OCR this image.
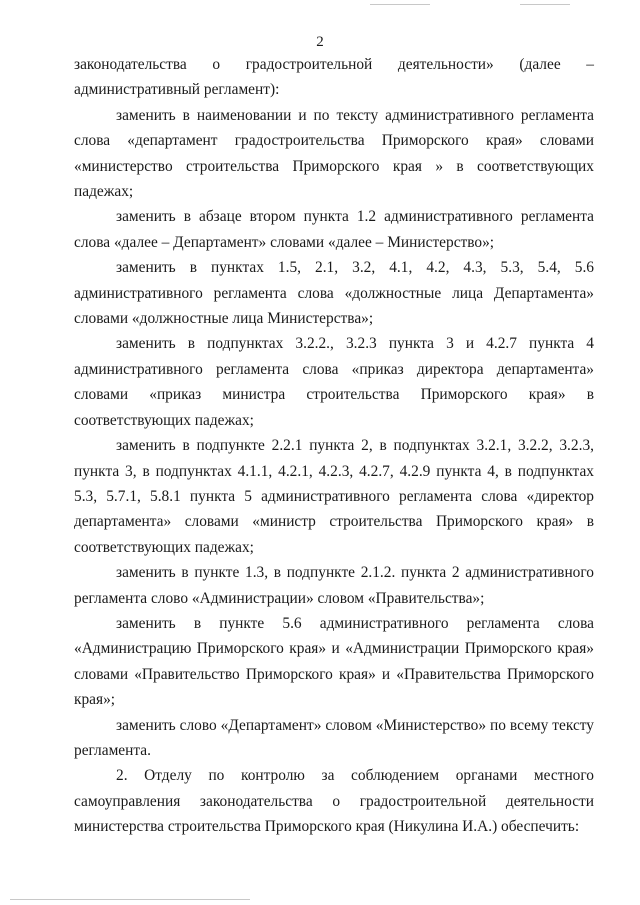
2

законодательства о градостроительной деятельности» (далее – административный регламент):

заменить в наименовании и по тексту административного регламента слова «департамент градостроительства Приморского края» словами «министерство строительства Приморского края » в соответствующих падежах;

заменить в абзаце втором пункта 1.2 административного регламента слова «далее – Департамент» словами «далее – Министерство»;

заменить в пунктах 1.5, 2.1, 3.2, 4.1, 4.2, 4.3, 5.3, 5.4, 5.6 административного регламента слова «должностные лица Департамента» словами «должностные лица Министерства»;

заменить в подпунктах 3.2.2., 3.2.3 пункта 3 и 4.2.7 пункта 4 административного регламента слова «приказ директора департамента» словами «приказ министра строительства Приморского края» в соответствующих падежах;

заменить в подпункте 2.2.1 пункта 2, в подпунктах 3.2.1, 3.2.2, 3.2.3, пункта 3, в подпунктах 4.1.1, 4.2.1, 4.2.3, 4.2.7, 4.2.9 пункта 4, в подпунктах 5.3, 5.7.1, 5.8.1 пункта 5 административного регламента слова «директор департамента» словами «министр строительства Приморского края» в соответствующих падежах;

заменить в пункте 1.3, в подпункте 2.1.2. пункта 2 административного регламента слово «Администрации» словом «Правительства»;

заменить в пункте 5.6 административного регламента слова «Администрацию Приморского края» и «Администрации Приморского края» словами «Правительство Приморского края» и «Правительства Приморского края»;

заменить слово «Департамент» словом «Министерство» по всему тексту регламента.

2. Отделу по контролю за соблюдением органами местного самоуправления законодательства о градостроительной деятельности министерства строительства Приморского края (Никулина И.А.) обеспечить:
